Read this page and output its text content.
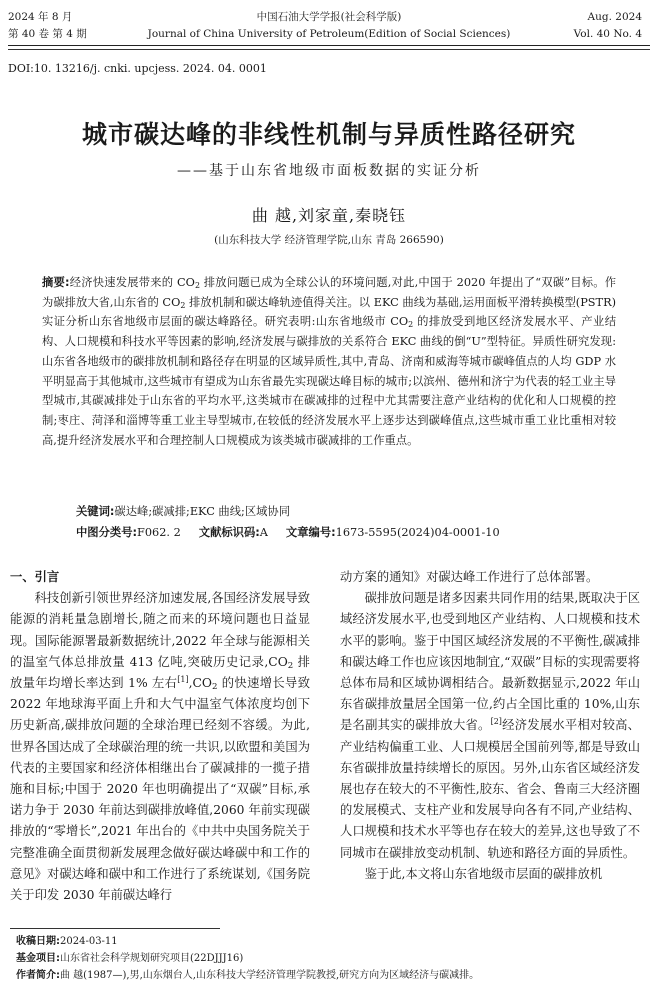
2024 年 8 月
第 40 卷 第 4 期
中国石油大学学报(社会科学版)
Journal of China University of Petroleum(Edition of Social Sciences)
Aug. 2024
Vol. 40 No. 4
DOI:10. 13216/j. cnki. upcjess. 2024. 04. 0001
城市碳达峰的非线性机制与异质性路径研究
——基于山东省地级市面板数据的实证分析
曲 越,刘家童,秦晓钰
(山东科技大学 经济管理学院,山东 青岛 266590)
摘要:经济快速发展带来的 $CO_2$ 排放问题已成为全球公认的环境问题,对此,中国于 2020 年提出了“双碳”目标。作为碳排放大省,山东省的 $CO_2$ 排放机制和碳达峰轨迹值得关注。以 EKC 曲线为基础,运用面板平滑转换模型(PSTR)实证分析山东省地级市层面的碳达峰路径。研究表明:山东省地级市 $CO_2$ 的排放受到地区经济发展水平、产业结构、人口规模和科技水平等因素的影响,经济发展与碳排放的关系符合 EKC 曲线的倒“U”型特征。异质性研究发现:山东省各地级市的碳排放机制和路径存在明显的区域异质性,其中,青岛、济南和威海等城市碳峰值点的人均 GDP 水平明显高于其他城市,这些城市有望成为山东省最先实现碳达峰目标的城市;以滨州、德州和济宁为代表的轻工业主导型城市,其碳减排处于山东省的平均水平,这类城市在碳减排的过程中尤其需要注意产业结构的优化和人口规模的控制;枣庄、菏泽和淄博等重工业主导型城市,在较低的经济发展水平上逐步达到碳峰值点,这些城市重工业比重相对较高,提升经济发展水平和合理控制人口规模成为该类城市碳减排的工作重点。
关键词:碳达峰;碳减排;EKC 曲线;区域协同
中图分类号:F062. 2 文献标识码:A 文章编号:1673-5595(2024)04-0001-10

一、引言

科技创新引领世界经济加速发展,各国经济发展导致能源的消耗量急剧增长,随之而来的环境问题也日益显现。国际能源署最新数据统计,2022 年全球与能源相关的温室气体总排放量 413 亿吨,突破历史记录$,CO_2$ 排放量年均增长率达到 1% 左右$[1],CO_2$ 的快速增长导致 2022 年地球海平面上升和大气中温室气体浓度均创下历史新高,碳排放问题的全球治理已经刻不容缓。为此,世界各国达成了全球碳治理的统一共识,以欧盟和美国为代表的主要国家和经济体相继出台了碳减排的一揽子措施和目标;中国于 2020 年也明确提出了“双碳”目标,承诺力争于 2030 年前达到碳排放峰值,2060 年前实现碳排放的“零增长”,2021 年出台的《中共中央国务院关于完整准确全面贯彻新发展理念做好碳达峰碳中和工作的意见》对碳达峰和碳中和工作进行了系统谋划,《国务院关于印发 2030 年前碳达峰行

动方案的通知》对碳达峰工作进行了总体部署。

碳排放问题是诸多因素共同作用的结果,既取决于区域经济发展水平,也受到地区产业结构、人口规模和技术水平的影响。鉴于中国区域经济发展的不平衡性,碳减排和碳达峰工作也应该因地制宜,“双碳”目标的实现需要将总体布局和区域协调相结合。最新数据显示,2022 年山东省碳排放量居全国第一位,约占全国比重的 10%,山东是名副其实的碳排放大省。[2]经济发展水平相对较高、产业结构偏重工业、人口规模居全国前列等,都是导致山东省碳排放量持续增长的原因。另外,山东省区域经济发展也存在较大的不平衡性,胶东、省会、鲁南三大经济圈的发展模式、支柱产业和发展导向各有不同,产业结构、人口规模和技术水平等也存在较大的差异,这也导致了不同城市在碳排放变动机制、轨迹和路径方面的异质性。

鉴于此,本文将山东省地级市层面的碳排放机

收稿日期:2024-03-11
基金项目:山东省社会科学规划研究项目(22DJJJ16)
作者简介:曲 越(1987—),男,山东烟台人,山东科技大学经济管理学院教授,研究方向为区域经济与碳减排。
